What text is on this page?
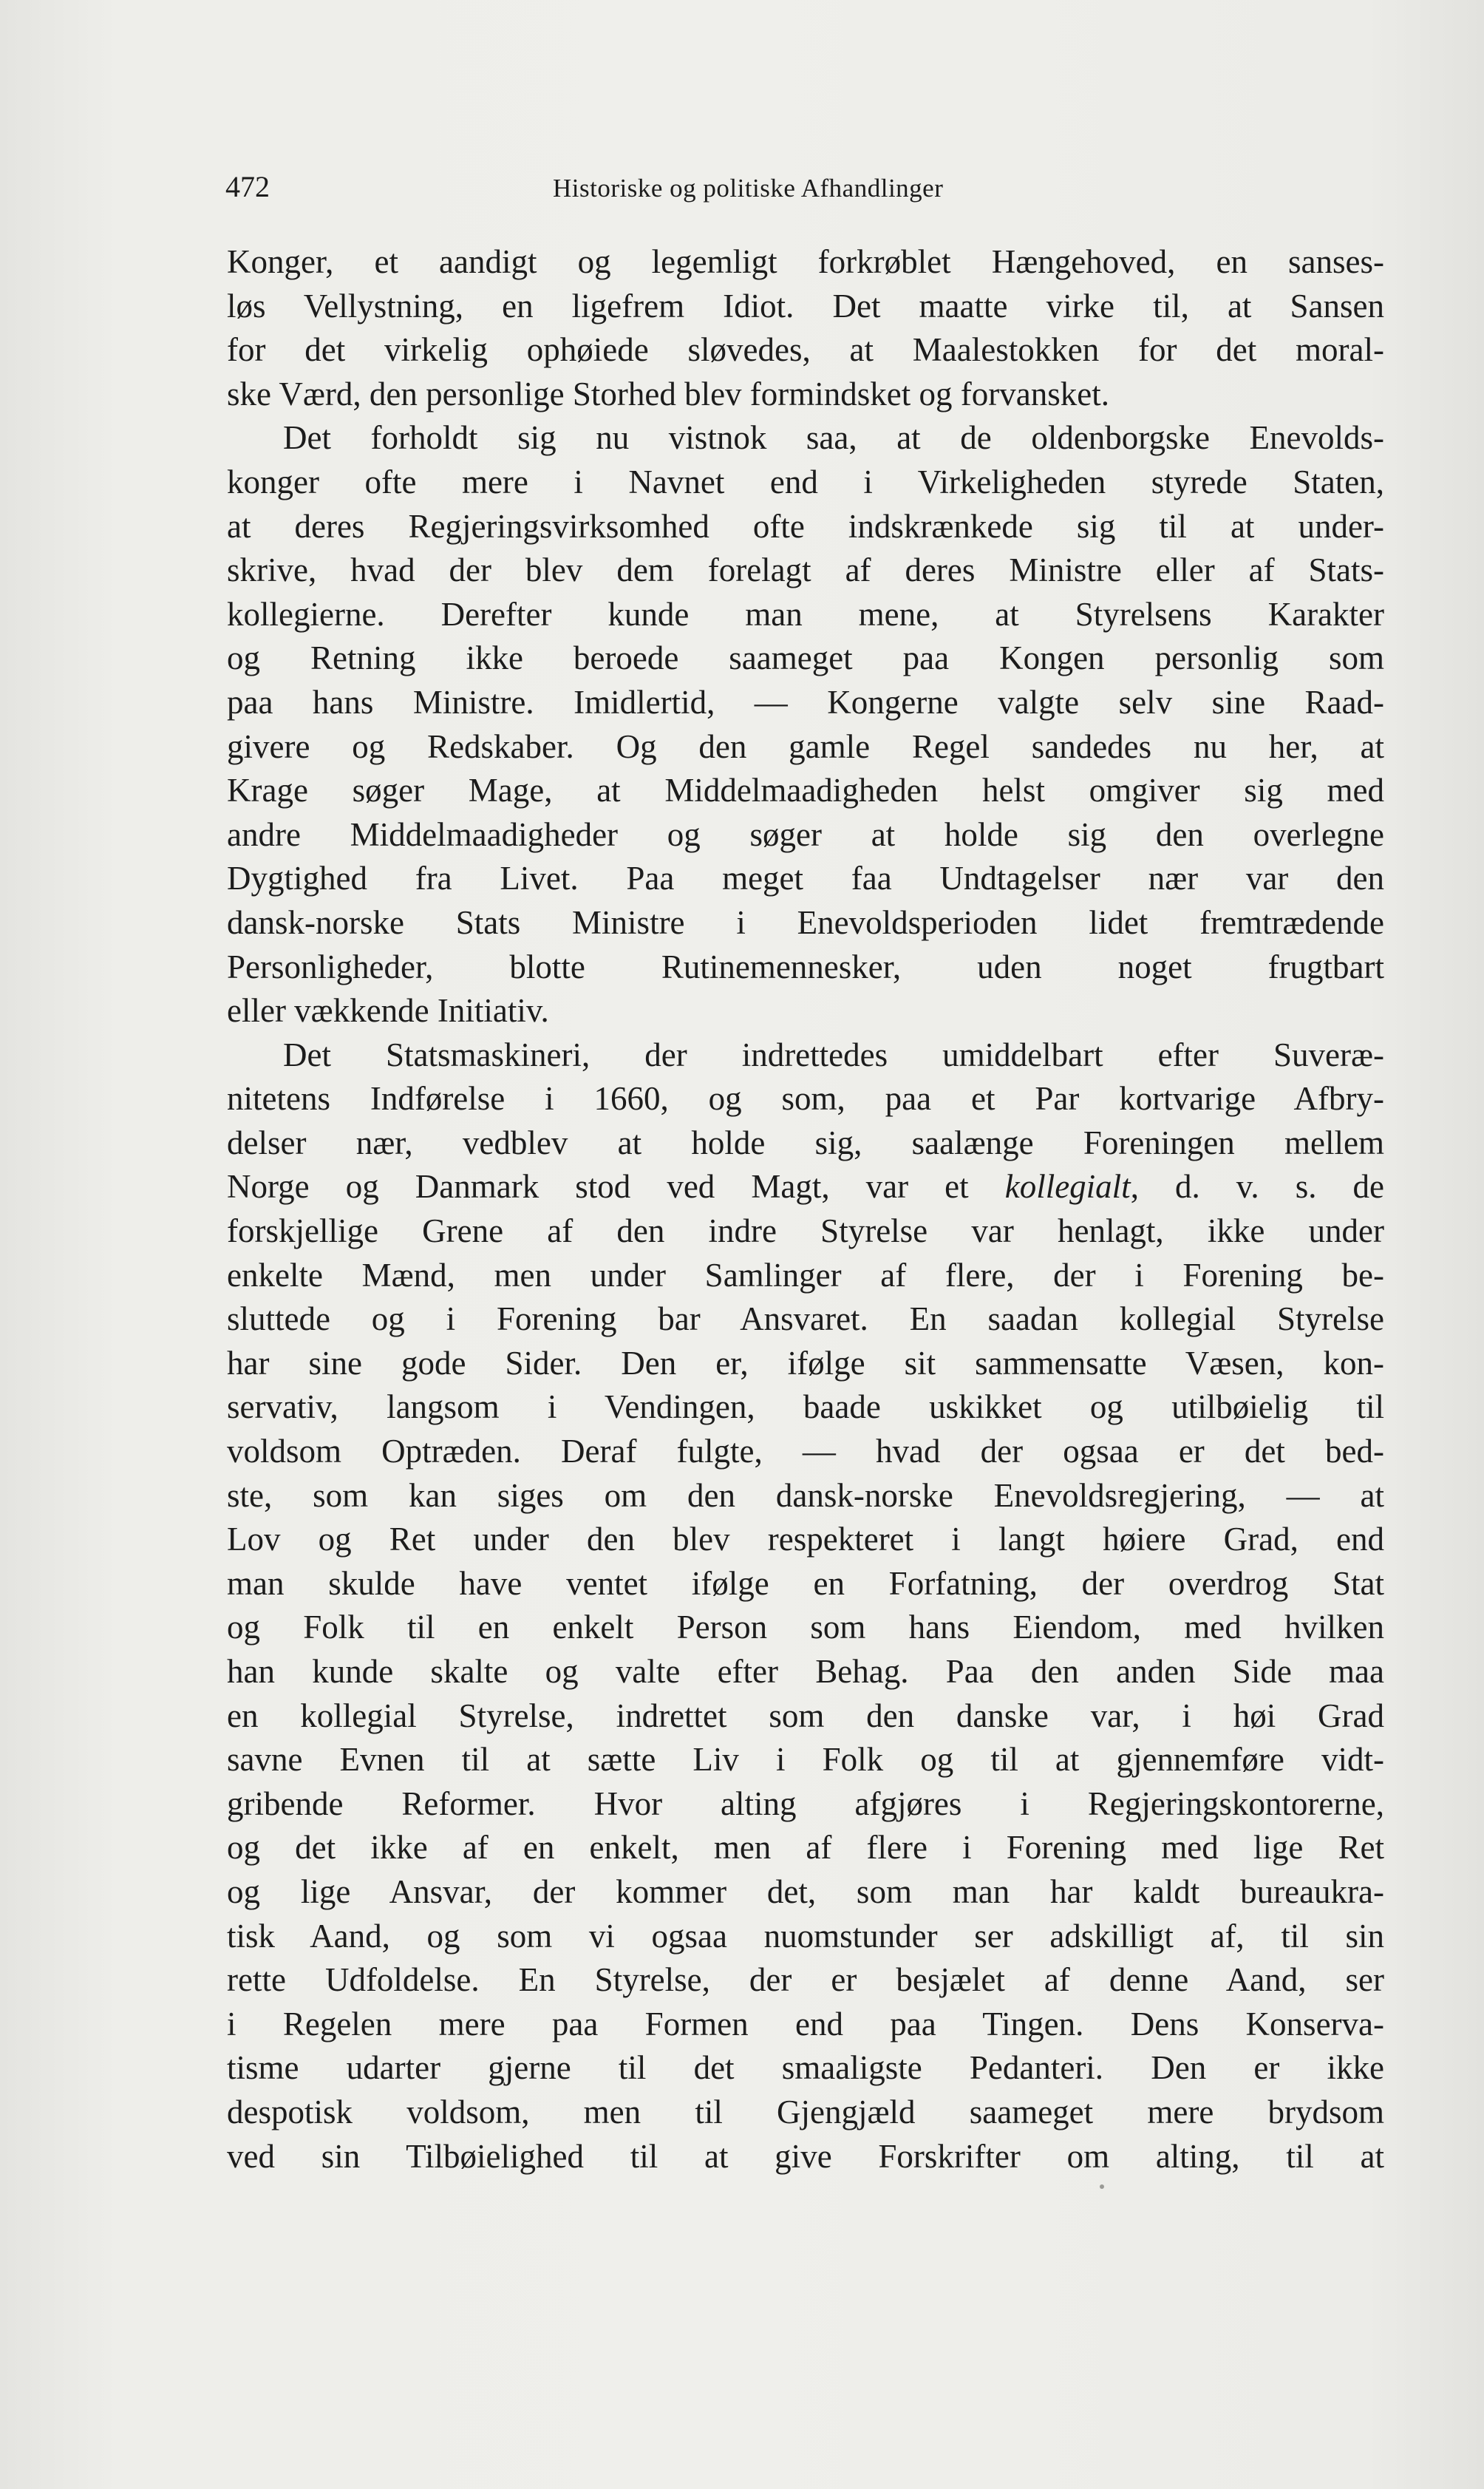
472	Historiske og politiske Afhandlinger
Konger, et aandigt og legemligt forkrøblet Hængehoved, en sanses-
løs Vellystning, en ligefrem Idiot. Det maatte virke til, at Sansen
for det virkelig ophøiede sløvedes, at Maalestokken for det moral-
ske Værd, den personlige Storhed blev formindsket og forvansket.
Det forholdt sig nu vistnok saa, at de oldenborgske Enevolds-
konger ofte mere i Navnet end i Virkeligheden styrede Staten,
at deres Regjeringsvirksomhed ofte indskrænkede sig til at under-
skrive, hvad der blev dem forelagt af deres Ministre eller af Stats-
kollegierne. Derefter kunde man mene, at Styrelsens Karakter
og Retning ikke beroede saameget paa Kongen personlig som
paa hans Ministre. Imidlertid, — Kongerne valgte selv sine Raad-
givere og Redskaber. Og den gamle Regel sandedes nu her, at
Krage søger Mage, at Middelmaadigheden helst omgiver sig med
andre Middelmaadigheder og søger at holde sig den overlegne
Dygtighed fra Livet. Paa meget faa Undtagelser nær var den
dansk-norske Stats Ministre i Enevoldsperioden lidet fremtrædende
Personligheder, blotte Rutinemennesker, uden noget frugtbart
eller vækkende Initiativ.
Det Statsmaskineri, der indrettedes umiddelbart efter Suveræ-
nitetens Indførelse i 1660, og som, paa et Par kortvarige Afbry-
delser nær, vedblev at holde sig, saalænge Foreningen mellem
Norge og Danmark stod ved Magt, var et kollegialt, d. v. s. de
forskjellige Grene af den indre Styrelse var henlagt, ikke under
enkelte Mænd, men under Samlinger af flere, der i Forening be-
sluttede og i Forening bar Ansvaret. En saadan kollegial Styrelse
har sine gode Sider. Den er, ifølge sit sammensatte Væsen, kon-
servativ, langsom i Vendingen, baade uskikket og utilbøielig til
voldsom Optræden. Deraf fulgte, — hvad der ogsaa er det bed-
ste, som kan siges om den dansk-norske Enevoldsregjering, — at
Lov og Ret under den blev respekteret i langt høiere Grad, end
man skulde have ventet ifølge en Forfatning, der overdrog Stat
og Folk til en enkelt Person som hans Eiendom, med hvilken
han kunde skalte og valte efter Behag. Paa den anden Side maa
en kollegial Styrelse, indrettet som den danske var, i høi Grad
savne Evnen til at sætte Liv i Folk og til at gjennemføre vidt-
gribende Reformer. Hvor alting afgjøres i Regjeringskontorerne,
og det ikke af en enkelt, men af flere i Forening med lige Ret
og lige Ansvar, der kommer det, som man har kaldt bureaukra-
tisk Aand, og som vi ogsaa nuomstunder ser adskilligt af, til sin
rette Udfoldelse. En Styrelse, der er besjælet af denne Aand, ser
i Regelen mere paa Formen end paa Tingen. Dens Konserva-
tisme udarter gjerne til det smaaligste Pedanteri. Den er ikke
despotisk voldsom, men til Gjengjæld saameget mere brydsom
ved sin Tilbøielighed til at give Forskrifter om alting, til at
